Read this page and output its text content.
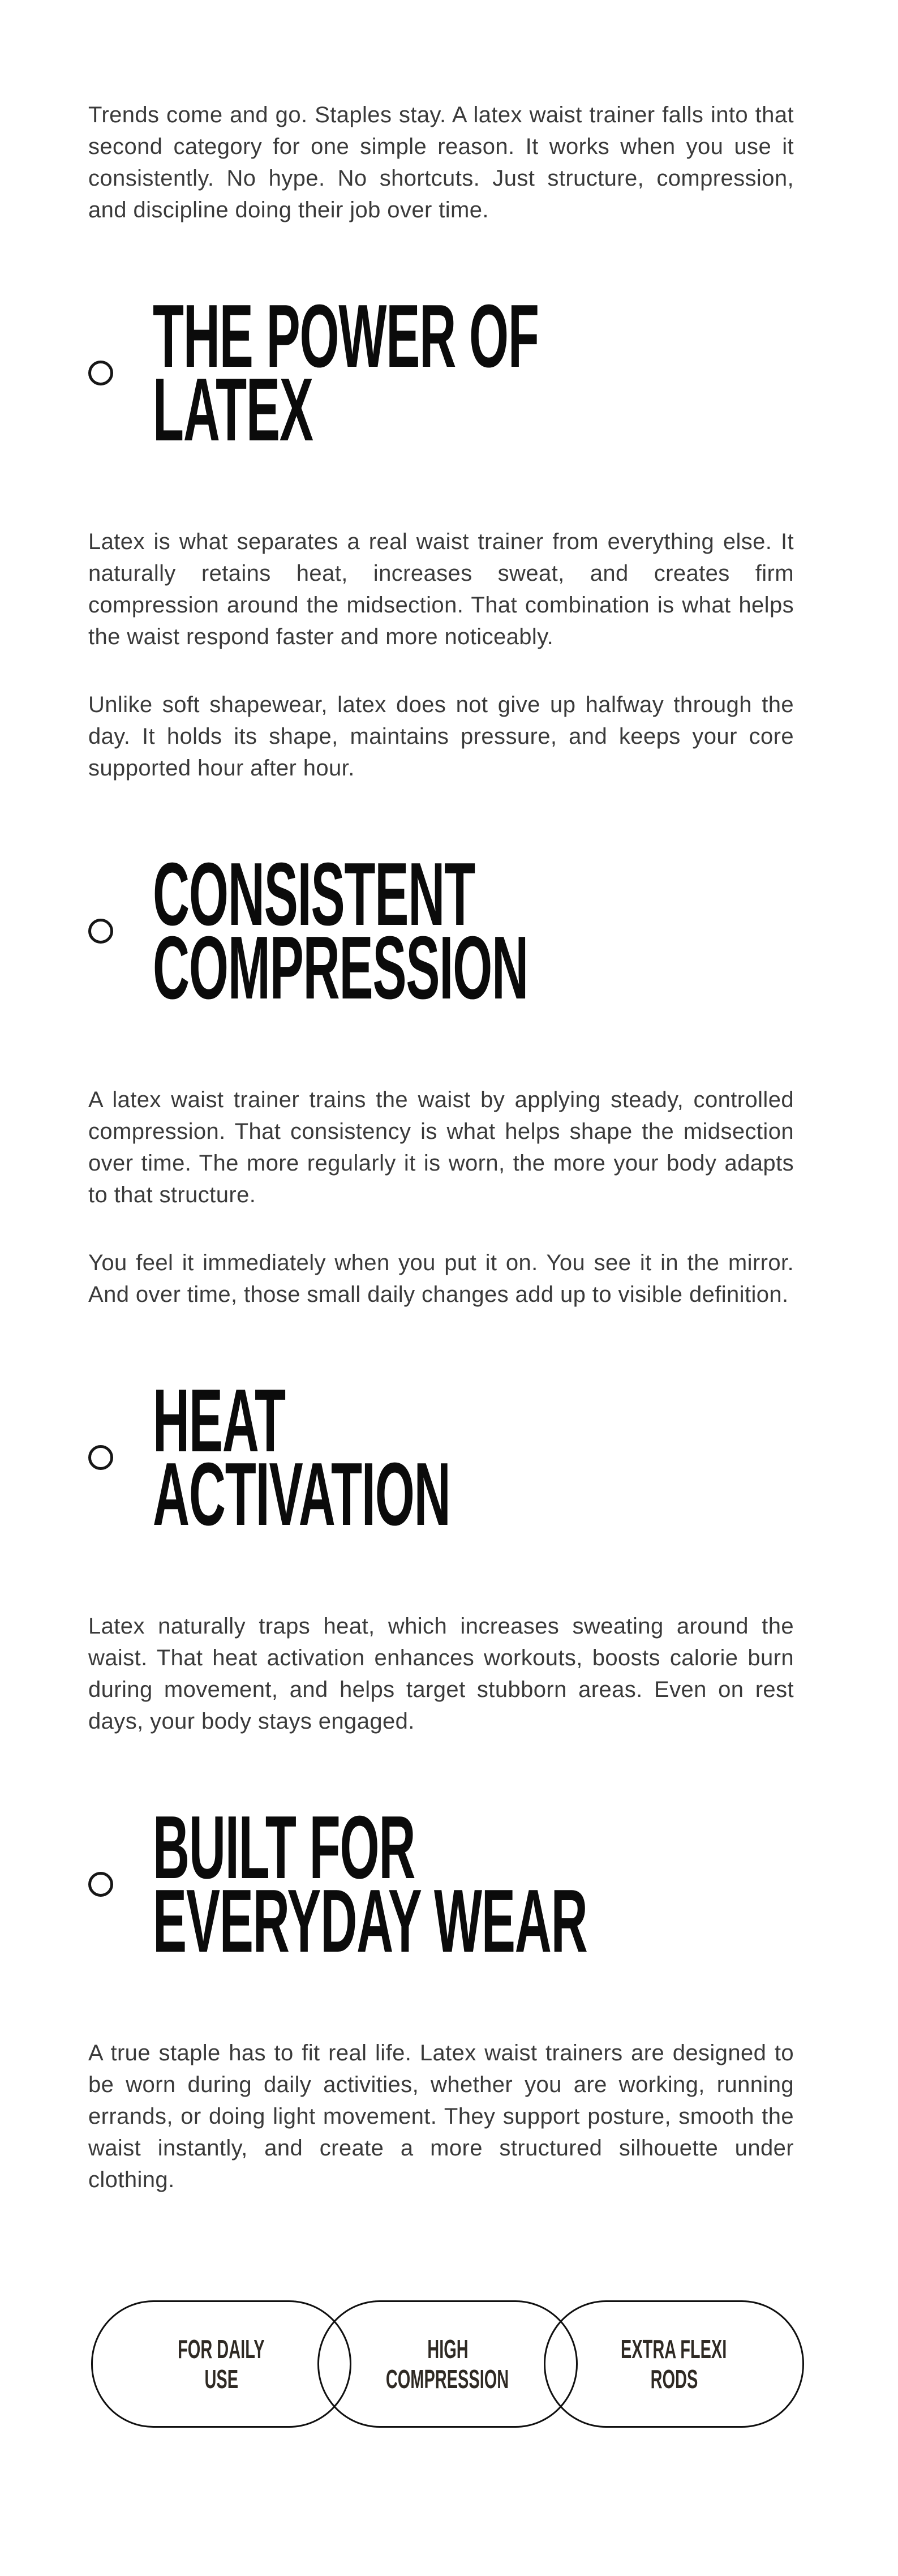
Trends come and go. Staples stay. A latex waist trainer falls into that second category for one simple reason. It works when you use it consistently. No hype. No shortcuts. Just structure, compression, and discipline doing their job over time.

THE POWER OF
LATEX

Latex is what separates a real waist trainer from everything else. It naturally retains heat, increases sweat, and creates firm compression around the midsection. That combination is what helps the waist respond faster and more noticeably.

Unlike soft shapewear, latex does not give up halfway through the day. It holds its shape, maintains pressure, and keeps your core supported hour after hour.

CONSISTENT
COMPRESSION

A latex waist trainer trains the waist by applying steady, controlled compression. That consistency is what helps shape the midsection over time. The more regularly it is worn, the more your body adapts to that structure.

You feel it immediately when you put it on. You see it in the mirror. And over time, those small daily changes add up to visible definition.

HEAT
ACTIVATION

Latex naturally traps heat, which increases sweating around the waist. That heat activation enhances workouts, boosts calorie burn during movement, and helps target stubborn areas. Even on rest days, your body stays engaged.

BUILT FOR
EVERYDAY WEAR

A true staple has to fit real life. Latex waist trainers are designed to be worn during daily activities, whether you are working, running errands, or doing light movement. They support posture, smooth the waist instantly, and create a more structured silhouette under clothing.

FOR DAILY
USE
HIGH
COMPRESSION
EXTRA FLEXI
RODS
